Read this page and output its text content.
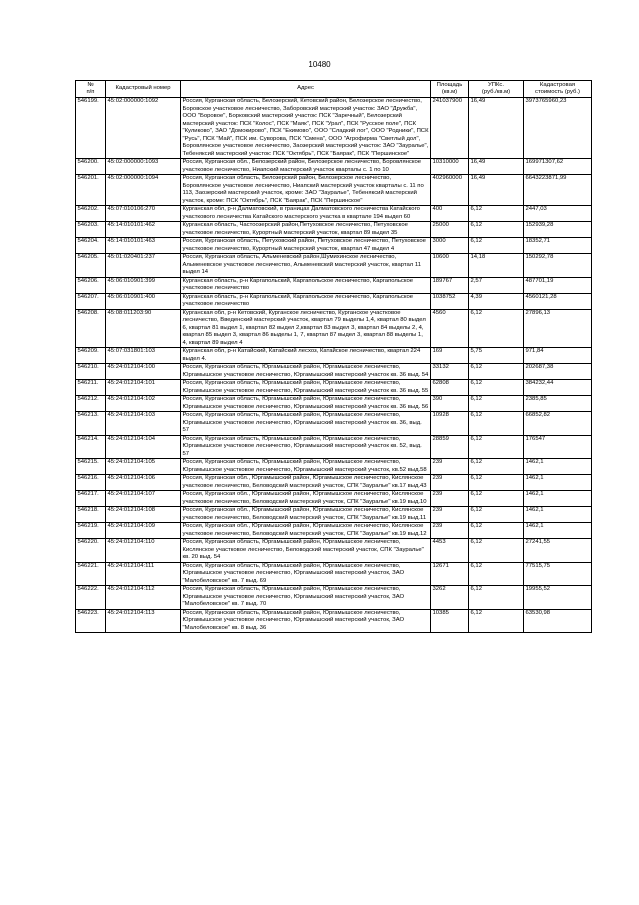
10480
№
п/п	Кадастровый номер	Адрес	Площадь
(кв.м)	УПКс.
(руб./кв.м)	Кадастровая
стоимость (руб.)

546199.	45:02:000000:1092	Россия, Курганская область, Белозерский, Кетовский район, Белозерское лесничество, Боровское участковое лесничество, Заборовский мастерский участок: ЗАО "Дружба", ООО "Боровое", Борковский мастерский участок: ПСК "Заречный", Белозерский мастерский участок: ПСК "Колос", ПСК "Маяк", ПСК "Урал", ПСК "Русское поле", ПСК "Куликово", ЗАО "Домокирово", ПСК "Екимово", ООО "Сладкий лог", ООО "Родники", ПСК "Русь", ПСК "Май", ПСК им. Суворова, ПСК "Смена", ООО "Агрофирма "Светлый дол", Боровлянское участковое лесничество, Заозерский мастерский участок: ЗАО "Зауралье", Тебеняксий мастерский участок: ПСК "Октябрь", ПСК "Баярак", ПСК "Першинское"	241037900	16,49	3973765960,23
546200.	45:02:000000:1093	Россия, Курганская обл., Белозерский район, Белозерское лесничество, Боровлянское участковое лесничество, Ниапский мастерский участок кварталы с. 1 по 10	10310000	16,49	169971307,62
546201.	45:02:000000:1094	Россия, Курганская область, Белозерский район, Белозерское лесничество, Боровлянское участковое лесничество, Ниапский мастерский участок кварталы с. 11 по 113, Заозерский мастерский участок, кроме: ЗАО "Зауралье", Тебеняксий мастерский участок, кроме: ПСК "Октябрь", ПСК "Баярак", ПСК "Першинское"	402960000	16,49	6643223871,99
546202.	45:07:010106:270	Курганская обл, р-н Далматовский, в границах Далматовского лесничества Катайского участкового лесничества Катайского мастерского участка в квартале 194 выдел 60	400	6,12	2447,03
546203.	45:14:010101:462	Курганская область, Частоозерский район,Петуховское лесничество, Петуховское участковое лесничество, Курортный мастерский участок, квартал 89 выдел 35	25000	6,12	152939,28
546204.	45:14:010101:463	Россия, Курганская область, Петуховский район, Петуховское лесничество, Петуховское участковое лесничество, Курортный мастерский участок, квартал 47 выдел 4	3000	6,12	18352,71
546205.	45:01:020401:237	Россия, Курганская область, Альменевский район,Шумихинское лесничество, Альменевское участковое лесничество, Альменевский мастерский участок, квартал 11 выдел 14	10600	14,18	150292,78
546206.	45:06:010901:399	Курганская область, р-н Каргапольский, Каргапольское лесничество, Каргапольское участковое лесничество	189767	2,57	487701,19
546207.	45:06:010901:400	Курганская область, р-н Каргапольский, Каргапольское лесничество, Каргапольское участковое лесничество	1038752	4,39	4560121,28
546208.	45:08:011203:90	Курганская обл, р-н Кетовский, Курганское лесничество, Курганское участковое лесничество, Введенский мастерский участок, квартал 79 выделы 1,4, квартал 80 выдел 6, квартал 81 выдел 1, квартал 82 выдел 2,квартал 83 выдел 3, квартал 84 выделы 2, 4, квартал 85 выдел 3, квартал 86 выделы 1, 7, квартал 87 выдел 3, квартал 88 выделы 1, 4, квартал 89 выдел 4	4560	6,12	27896,13
546209.	45:07:031801:103	Курганская обл, р-н Катайский, Катайский лесхоз, Катайское лесничество, квартал 224 выдел 4.	169	5,75	971,84
546210.	45:24:012104:100	Россия, Курганская область, Юргамышский район, Юргамышское лесничество, Юргамышское участковое лесничество, Юргамышский мастерский участок кв. 36 выд. 54	33132	6,12	202687,38
546211.	45:24:012104:101	Россия, Курганская область, Юргамышский район, Юргамышское лесничество, Юргамышское участковое лесничество, Юргамышский мастерский участок кв. 36 выд. 55	62808	6,12	384232,44
546212.	45:24:012104:102	Россия, Курганская область, Юргамышский район, Юргамышское лесничество, Юргамышское участковое лесничество, Юргамышский мастерский участок кв. 36 выд. 56	390	6,12	2385,85
546213.	45:24:012104:103	Россия, Курганская область, Юргамышский район, Юргамышское лесничество, Юргамышское участковое лесничество, Юргамышский мастерский участок кв. 36, выд. 57	10928	6,12	66852,82
546214.	45:24:012104:104	Россия, Курганская область, Юргамышский район, Юргамышское лесничество, Юргамышское участковое лесничество, Юргамышский мастерский участок кв. 52, выд. 57	28859	6,12	176547
546215.	45:24:012104:105	Россия, Курганская область, Юргамышский район, Юргамышское лесничество, Юргамышское участковое лесничество, Юргамышский мастерский участок, кв.52 выд.58	239	6,12	1462,1
546216.	45:24:012104:106	Россия, Курганская обл., Юргамышский район, Юргамышское лесничество, Кислянское участковое лесничество, Беловодский мастерский участок, СПК "Зауралье" кв.17 выд.43	239	6,12	1462,1
546217.	45:24:012104:107	Россия, Курганская обл., Юргамышский район, Юргамышское лесничество, Кислянское участковое лесничество, Беловодский мастерский участок, СПК "Зауралье" кв.19 выд.10	239	6,12	1462,1
546218.	45:24:012104:108	Россия, Курганская обл., Юргамышский район, Юргамышское лесничество, Кислянское участковое лесничество, Беловодский мастерский участок, СПК "Зауралье" кв.19 выд.11	239	6,12	1462,1
546219.	45:24:012104:109	Россия, Курганская обл., Юргамышский район, Юргамышское лесничество, Кислянское участковое лесничество, Беловодский мастерский участок, СПК "Зауралье" кв.19 выд.12	239	6,12	1462,1
546220.	45:24:012104:110	Россия, Курганская область, Юргамышский район, Юргамышское лесничество, Кислянское участковое лесничество, Беловодский мастерский участок, СПК "Зауралье" кв. 20 выд. 54	4453	6,12	27241,55
546221.	45:24:012104:111	Россия, Курганская область, Юргамышский район, Юргамышское лесничество, Юргамышское участковое лесничество, Юргамышский мастерский участок, ЗАО "Малобеловское" кв. 7 выд. 69	12671	6,12	77515,75
546222.	45:24:012104:112	Россия, Курганская область, Юргамышский район, Юргамышское лесничество, Юргамышское участковое лесничество, Юргамышский мастерский участок, ЗАО "Малобеловское" кв. 7 выд. 70	3262	6,12	19955,52
546223.	45:24:012104:113	Россия, Курганская область, Юргамышский район, Юргамышское лесничество, Юргамышское участковое лесничество, Юргамышский мастерский участок, ЗАО "Малобеловское" кв. 8 выд. 36	10385	6,12	63530,98
